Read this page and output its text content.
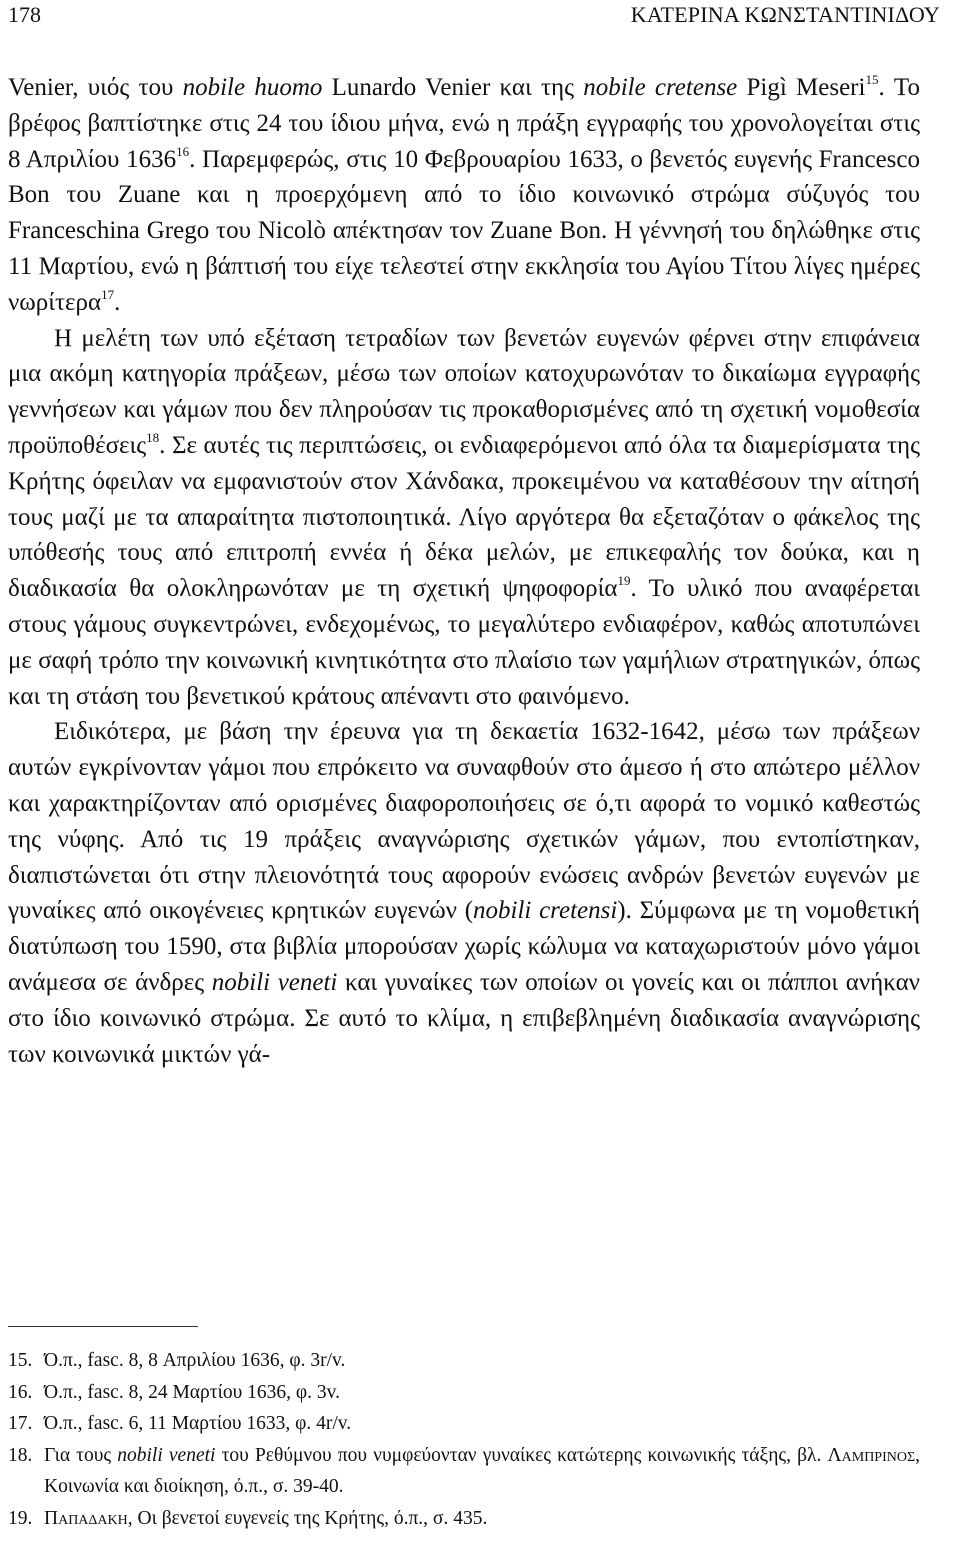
178	ΚΑΤΕΡΙΝΑ ΚΩΝΣΤΑΝΤΙΝΙΔΟΥ

Venier, υιός του nobile huomo Lunardo Venier και της nobile cretense Pigì Meseri$^{15}$. Το βρέφος βαπτίστηκε στις 24 του ίδιου μήνα, ενώ η πράξη εγγραφής του χρονολογείται στις 8 Απριλίου 1636$^{16}$. Παρεμφερώς, στις 10 Φεβρουαρίου 1633, ο βενετός ευγενής Francesco Bon του Zuane και η προερχόμενη από το ίδιο κοινωνικό στρώμα σύζυγός του Franceschina Grego του Nicolò απέκτησαν τον Zuane Bon. Η γέννησή του δηλώθηκε στις 11 Μαρτίου, ενώ η βάπτισή του είχε τελεστεί στην εκκλησία του Αγίου Τίτου λίγες ημέρες νωρίτερα$^{17}$.

Η μελέτη των υπό εξέταση τετραδίων των βενετών ευγενών φέρνει στην επιφάνεια μια ακόμη κατηγορία πράξεων, μέσω των οποίων κατοχυρωνόταν το δικαίωμα εγγραφής γεννήσεων και γάμων που δεν πληρούσαν τις προκαθορισμένες από τη σχετική νομοθεσία προϋποθέσεις$^{18}$. Σε αυτές τις περιπτώσεις, οι ενδιαφερόμενοι από όλα τα διαμερίσματα της Κρήτης όφειλαν να εμφανιστούν στον Χάνδακα, προκειμένου να καταθέσουν την αίτησή τους μαζί με τα απαραίτητα πιστοποιητικά. Λίγο αργότερα θα εξεταζόταν ο φάκελος της υπόθεσής τους από επιτροπή εννέα ή δέκα μελών, με επικεφαλής τον δούκα, και η διαδικασία θα ολοκληρωνόταν με τη σχετική ψηφοφορία$^{19}$. Το υλικό που αναφέρεται στους γάμους συγκεντρώνει, ενδεχομένως, το μεγαλύτερο ενδιαφέρον, καθώς αποτυπώνει με σαφή τρόπο την κοινωνική κινητικότητα στο πλαίσιο των γαμήλιων στρατηγικών, όπως και τη στάση του βενετικού κράτους απέναντι στο φαινόμενο.

Ειδικότερα, με βάση την έρευνα για τη δεκαετία 1632-1642, μέσω των πράξεων αυτών εγκρίνονταν γάμοι που επρόκειτο να συναφθούν στο άμεσο ή στο απώτερο μέλλον και χαρακτηρίζονταν από ορισμένες διαφοροποιήσεις σε ό,τι αφορά το νομικό καθεστώς της νύφης. Από τις 19 πράξεις αναγνώρισης σχετικών γάμων, που εντοπίστηκαν, διαπιστώνεται ότι στην πλειονότητά τους αφορούν ενώσεις ανδρών βενετών ευγενών με γυναίκες από οικογένειες κρητικών ευγενών (nobili cretensi). Σύμφωνα με τη νομοθετική διατύπωση του 1590, στα βιβλία μπορούσαν χωρίς κώλυμα να καταχωριστούν μόνο γάμοι ανάμεσα σε άνδρες nobili veneti και γυναίκες των οποίων οι γονείς και οι πάπποι ανήκαν στο ίδιο κοινωνικό στρώμα. Σε αυτό το κλίμα, η επιβεβλημένη διαδικασία αναγνώρισης των κοινωνικά μικτών γά-

15. Ό.π., fasc. 8, 8 Απριλίου 1636, φ. 3r/v.
16. Ό.π., fasc. 8, 24 Μαρτίου 1636, φ. 3v.
17. Ό.π., fasc. 6, 11 Μαρτίου 1633, φ. 4r/v.
18. Για τους nobili veneti του Ρεθύμνου που νυμφεύονταν γυναίκες κατώτερης κοινωνικής τάξης, βλ. Λαμπρινος, Κοινωνία και διοίκηση, ό.π., σ. 39-40.
19. Παπαδακη, Οι βενετοί ευγενείς της Κρήτης, ό.π., σ. 435.
